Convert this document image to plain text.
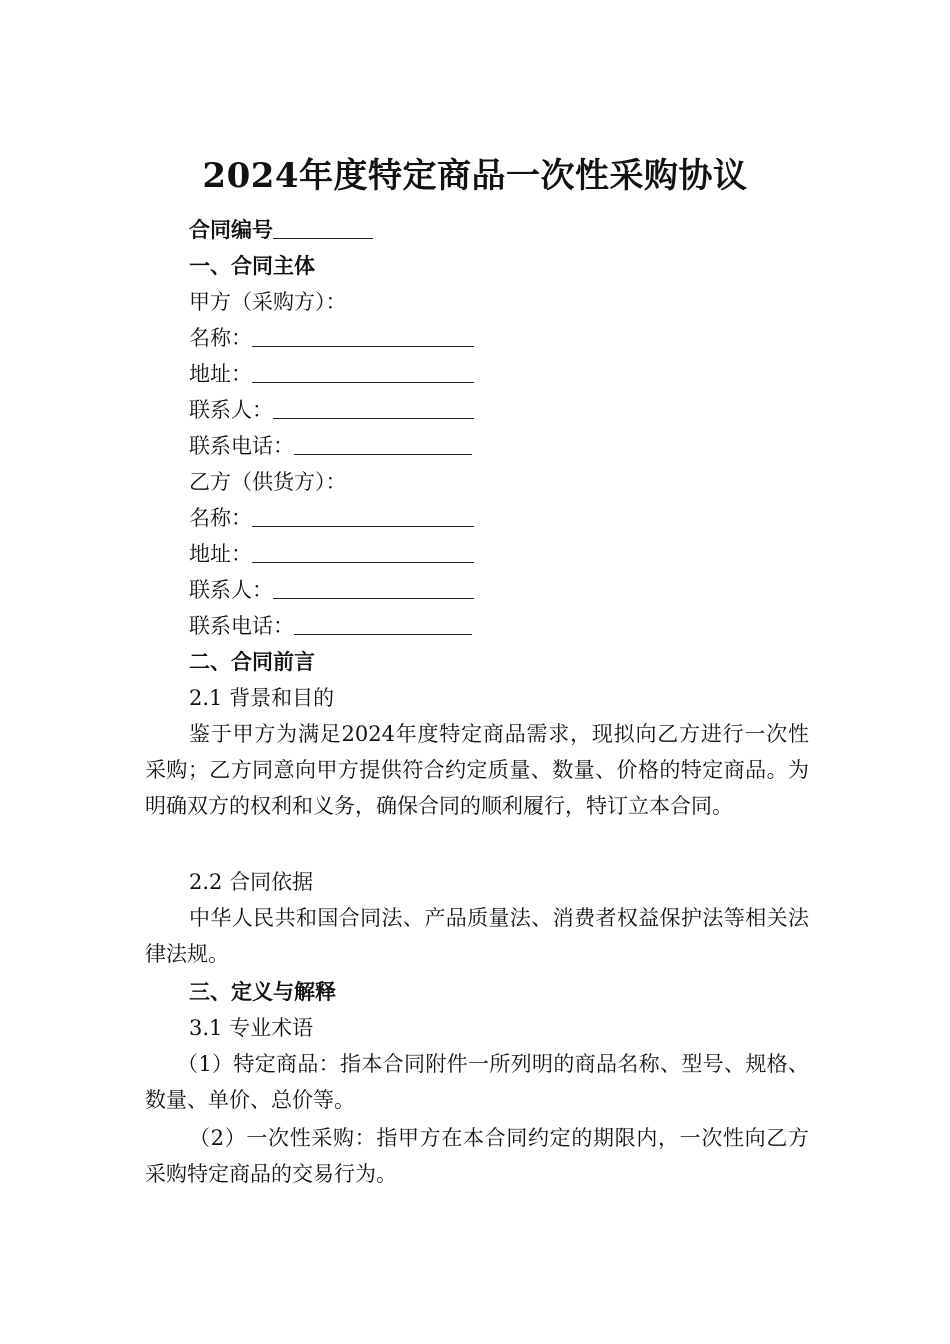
2024年度特定商品一次性采购协议
合同编号
一、合同主体
甲方（采购方）：
名称：
地址：
联系人：
联系电话：
乙方（供货方）：
名称：
地址：
联系人：
联系电话：
二、合同前言
2.1 背景和目的
鉴于甲方为满足2024年度特定商品需求，现拟向乙方进行一次性采购；乙方同意向甲方提供符合约定质量、数量、价格的特定商品。为明确双方的权利和义务，确保合同的顺利履行，特订立本合同。
2.2 合同依据
中华人民共和国合同法、产品质量法、消费者权益保护法等相关法律法规。
三、定义与解释
3.1 专业术语
（1）特定商品：指本合同附件一所列明的商品名称、型号、规格、数量、单价、总价等。
（2）一次性采购：指甲方在本合同约定的期限内，一次性向乙方采购特定商品的交易行为。
